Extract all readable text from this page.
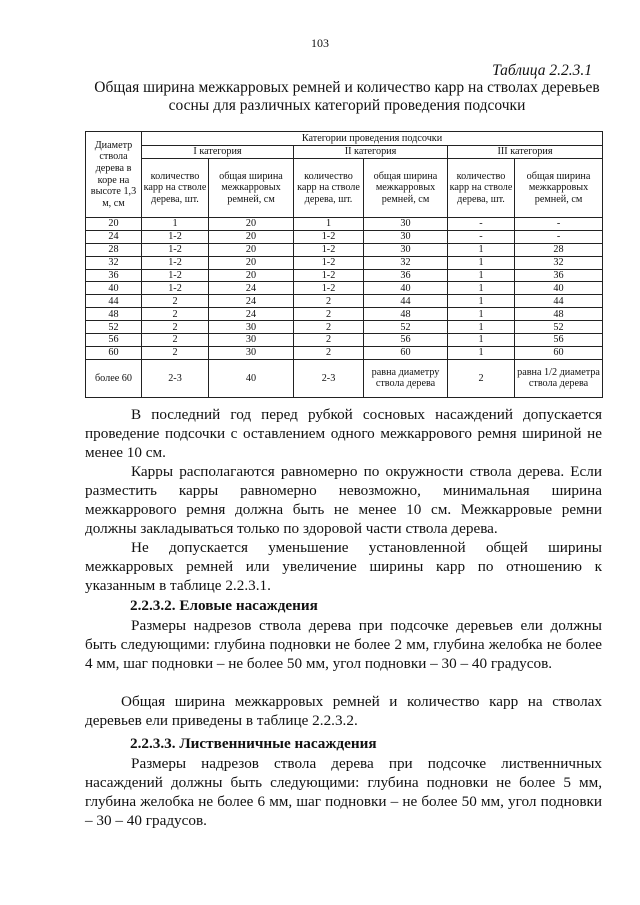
103
Таблица 2.2.3.1
Общая ширина межкарровых ремней и количество карр на стволах деревьев сосны для различных категорий проведения подсочки
Диаметр ствола дерева в коре на высоте 1,3 м, см	Категории проведения подсочки					
	I категория		II категория		III категория	
	количество карр на стволе дерева, шт.	общая ширина межкарровых ремней, см	количество карр на стволе дерева, шт.	общая ширина межкарровых ремней, см	количество карр на стволе дерева, шт.	общая ширина межкарровых ремней, см
20	1	20	1	30	-	-
24	1-2	20	1-2	30	-	-
28	1-2	20	1-2	30	1	28
32	1-2	20	1-2	32	1	32
36	1-2	20	1-2	36	1	36
40	1-2	24	1-2	40	1	40
44	2	24	2	44	1	44
48	2	24	2	48	1	48
52	2	30	2	52	1	52
56	2	30	2	56	1	56
60	2	30	2	60	1	60
более 60	2-3	40	2-3	равна диаметру ствола дерева	2	равна 1/2 диаметра ствола дерева

В последний год перед рубкой сосновых насаждений допускается проведение подсочки с оставлением одного межкаррового ремня шириной не менее 10 см.

Карры располагаются равномерно по окружности ствола дерева. Если разместить карры равномерно невозможно, минимальная ширина межкаррового ремня должна быть не менее 10 см. Межкарровые ремни должны закладываться только по здоровой части ствола дерева.

Не допускается уменьшение установленной общей ширины межкарровых ремней или увеличение ширины карр по отношению к указанным в таблице 2.2.3.1.

2.2.3.2. Еловые насаждения

Размеры надрезов ствола дерева при подсочке деревьев ели должны быть следующими: глубина подновки не более 2 мм, глубина желобка не более 4 мм, шаг подновки – не более 50 мм, угол подновки – 30 – 40 градусов.

Общая ширина межкарровых ремней и количество карр на стволах деревьев ели приведены в таблице 2.2.3.2.

2.2.3.3. Лиственничные насаждения

Размеры надрезов ствола дерева при подсочке лиственничных насаждений должны быть следующими: глубина подновки не более 5 мм, глубина желобка не более 6 мм, шаг подновки – не более 50 мм, угол подновки – 30 – 40 градусов.
